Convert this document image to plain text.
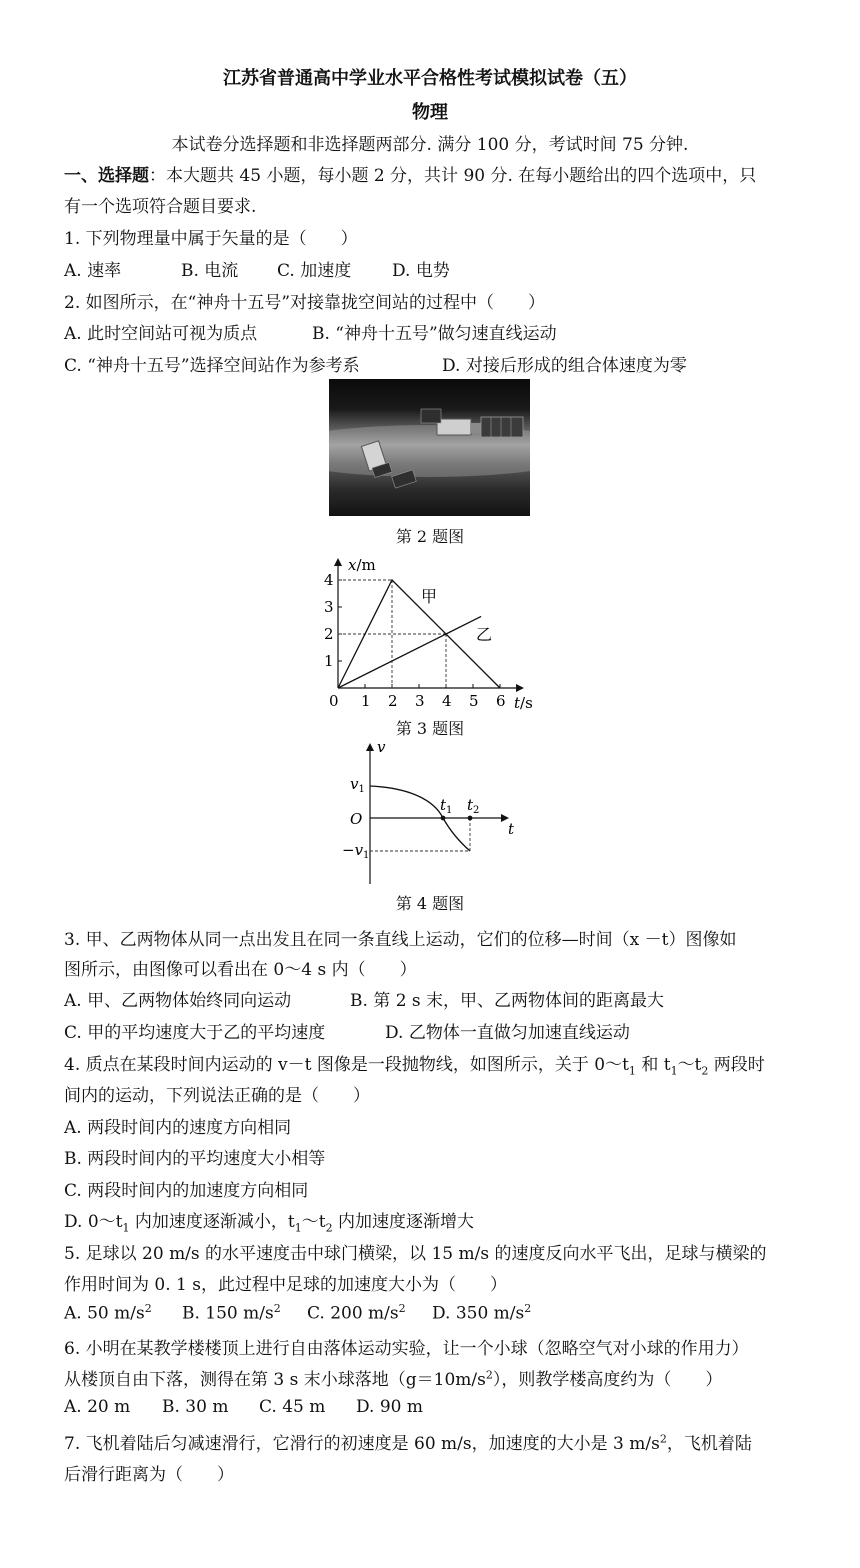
江苏省普通高中学业水平合格性考试模拟试卷（五）
物理
本试卷分选择题和非选择题两部分. 满分 100 分，考试时间 75 分钟.
一、选择题：本大题共 45 小题，每小题 2 分，共计 90 分. 在每小题给出的四个选项中，只
有一个选项符合题目要求.
1. 下列物理量中属于矢量的是（　　）
A. 速率	B. 电流 C. 加速度 D. 电势
2. 如图所示，在“神舟十五号”对接靠拢空间站的过程中（　　）
A. 此时空间站可视为质点	B. “神舟十五号”做匀速直线运动
C. “神舟十五号”选择空间站作为参考系	D. 对接后形成的组合体速度为零
第 2 题图
1 2 3 4 5 6
1
2
3
4
x/m
t/s
0
甲
乙
第 3 题图
v
t
O
$v_1$
$-v_1$
$t_1$ $t_2$
第 4 题图
3. 甲、乙两物体从同一点出发且在同一条直线上运动，它们的位移—时间（x －t）图像如
图所示，由图像可以看出在 0～4 s 内（　　）
A. 甲、乙两物体始终同向运动	B. 第 2 s 末，甲、乙两物体间的距离最大
C. 甲的平均速度大于乙的平均速度	D. 乙物体一直做匀加速直线运动
4. 质点在某段时间内运动的 v－t 图像是一段抛物线，如图所示，关于 $0\sim t_1$ 和 $t_1\sim t_2$ 两段时
间内的运动，下列说法正确的是（　　）
A. 两段时间内的速度方向相同
B. 两段时间内的平均速度大小相等
C. 两段时间内的加速度方向相同
D. $0\sim t_1$ 内加速度逐渐减小，$t_1\sim t_2$ 内加速度逐渐增大
5. 足球以 20 m/s 的水平速度击中球门横梁，以 15 m/s 的速度反向水平飞出，足球与横梁的
作用时间为 0. 1 s，此过程中足球的加速度大小为（　　）
A. 50 $m/s^2$ B. 150 $m/s^2$ C. 200 $m/s^2$ D. 350 $m/s^2$
6. 小明在某教学楼楼顶上进行自由落体运动实验，让一个小球（忽略空气对小球的作用力）
从楼顶自由下落，测得在第 3 s 末小球落地$(g=10m/s^2)$，则教学楼高度约为（　　）
A. 20 m B. 30 m C. 45 m D. 90 m
7. 飞机着陆后匀减速滑行，它滑行的初速度是 60 m/s，加速度的大小是 3 $m/s^2$，飞机着陆
后滑行距离为（　　）
